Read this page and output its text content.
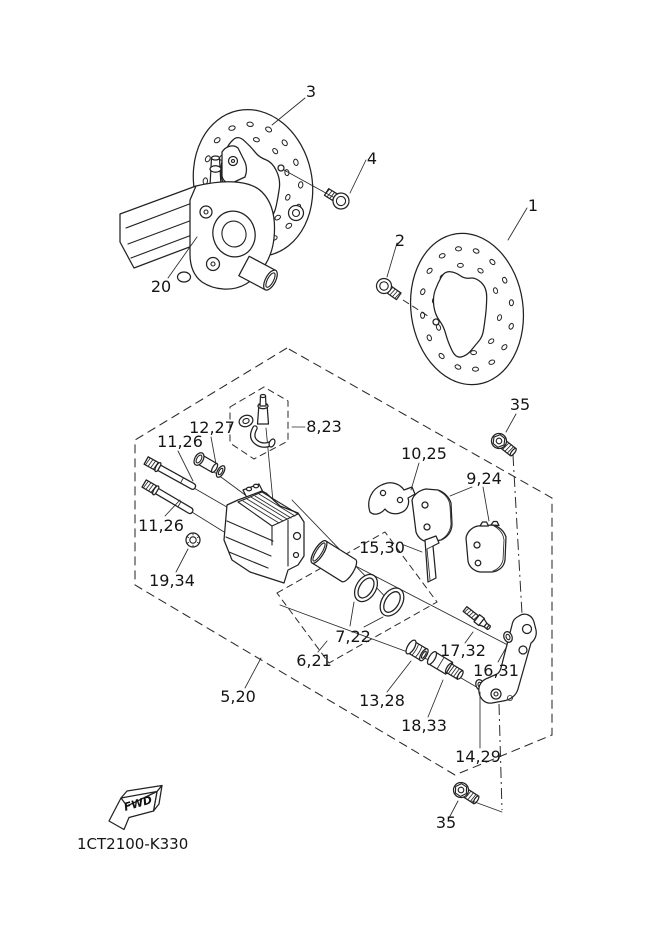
3
4
1
2
20
8,23
12,27
11,26
11,26
19,34
10,25
9,24
15,30
35
17,32
16,31
13,28
18,33
14,29
6,21
7,22
5,20
35
FWD
1CT2100-K330
